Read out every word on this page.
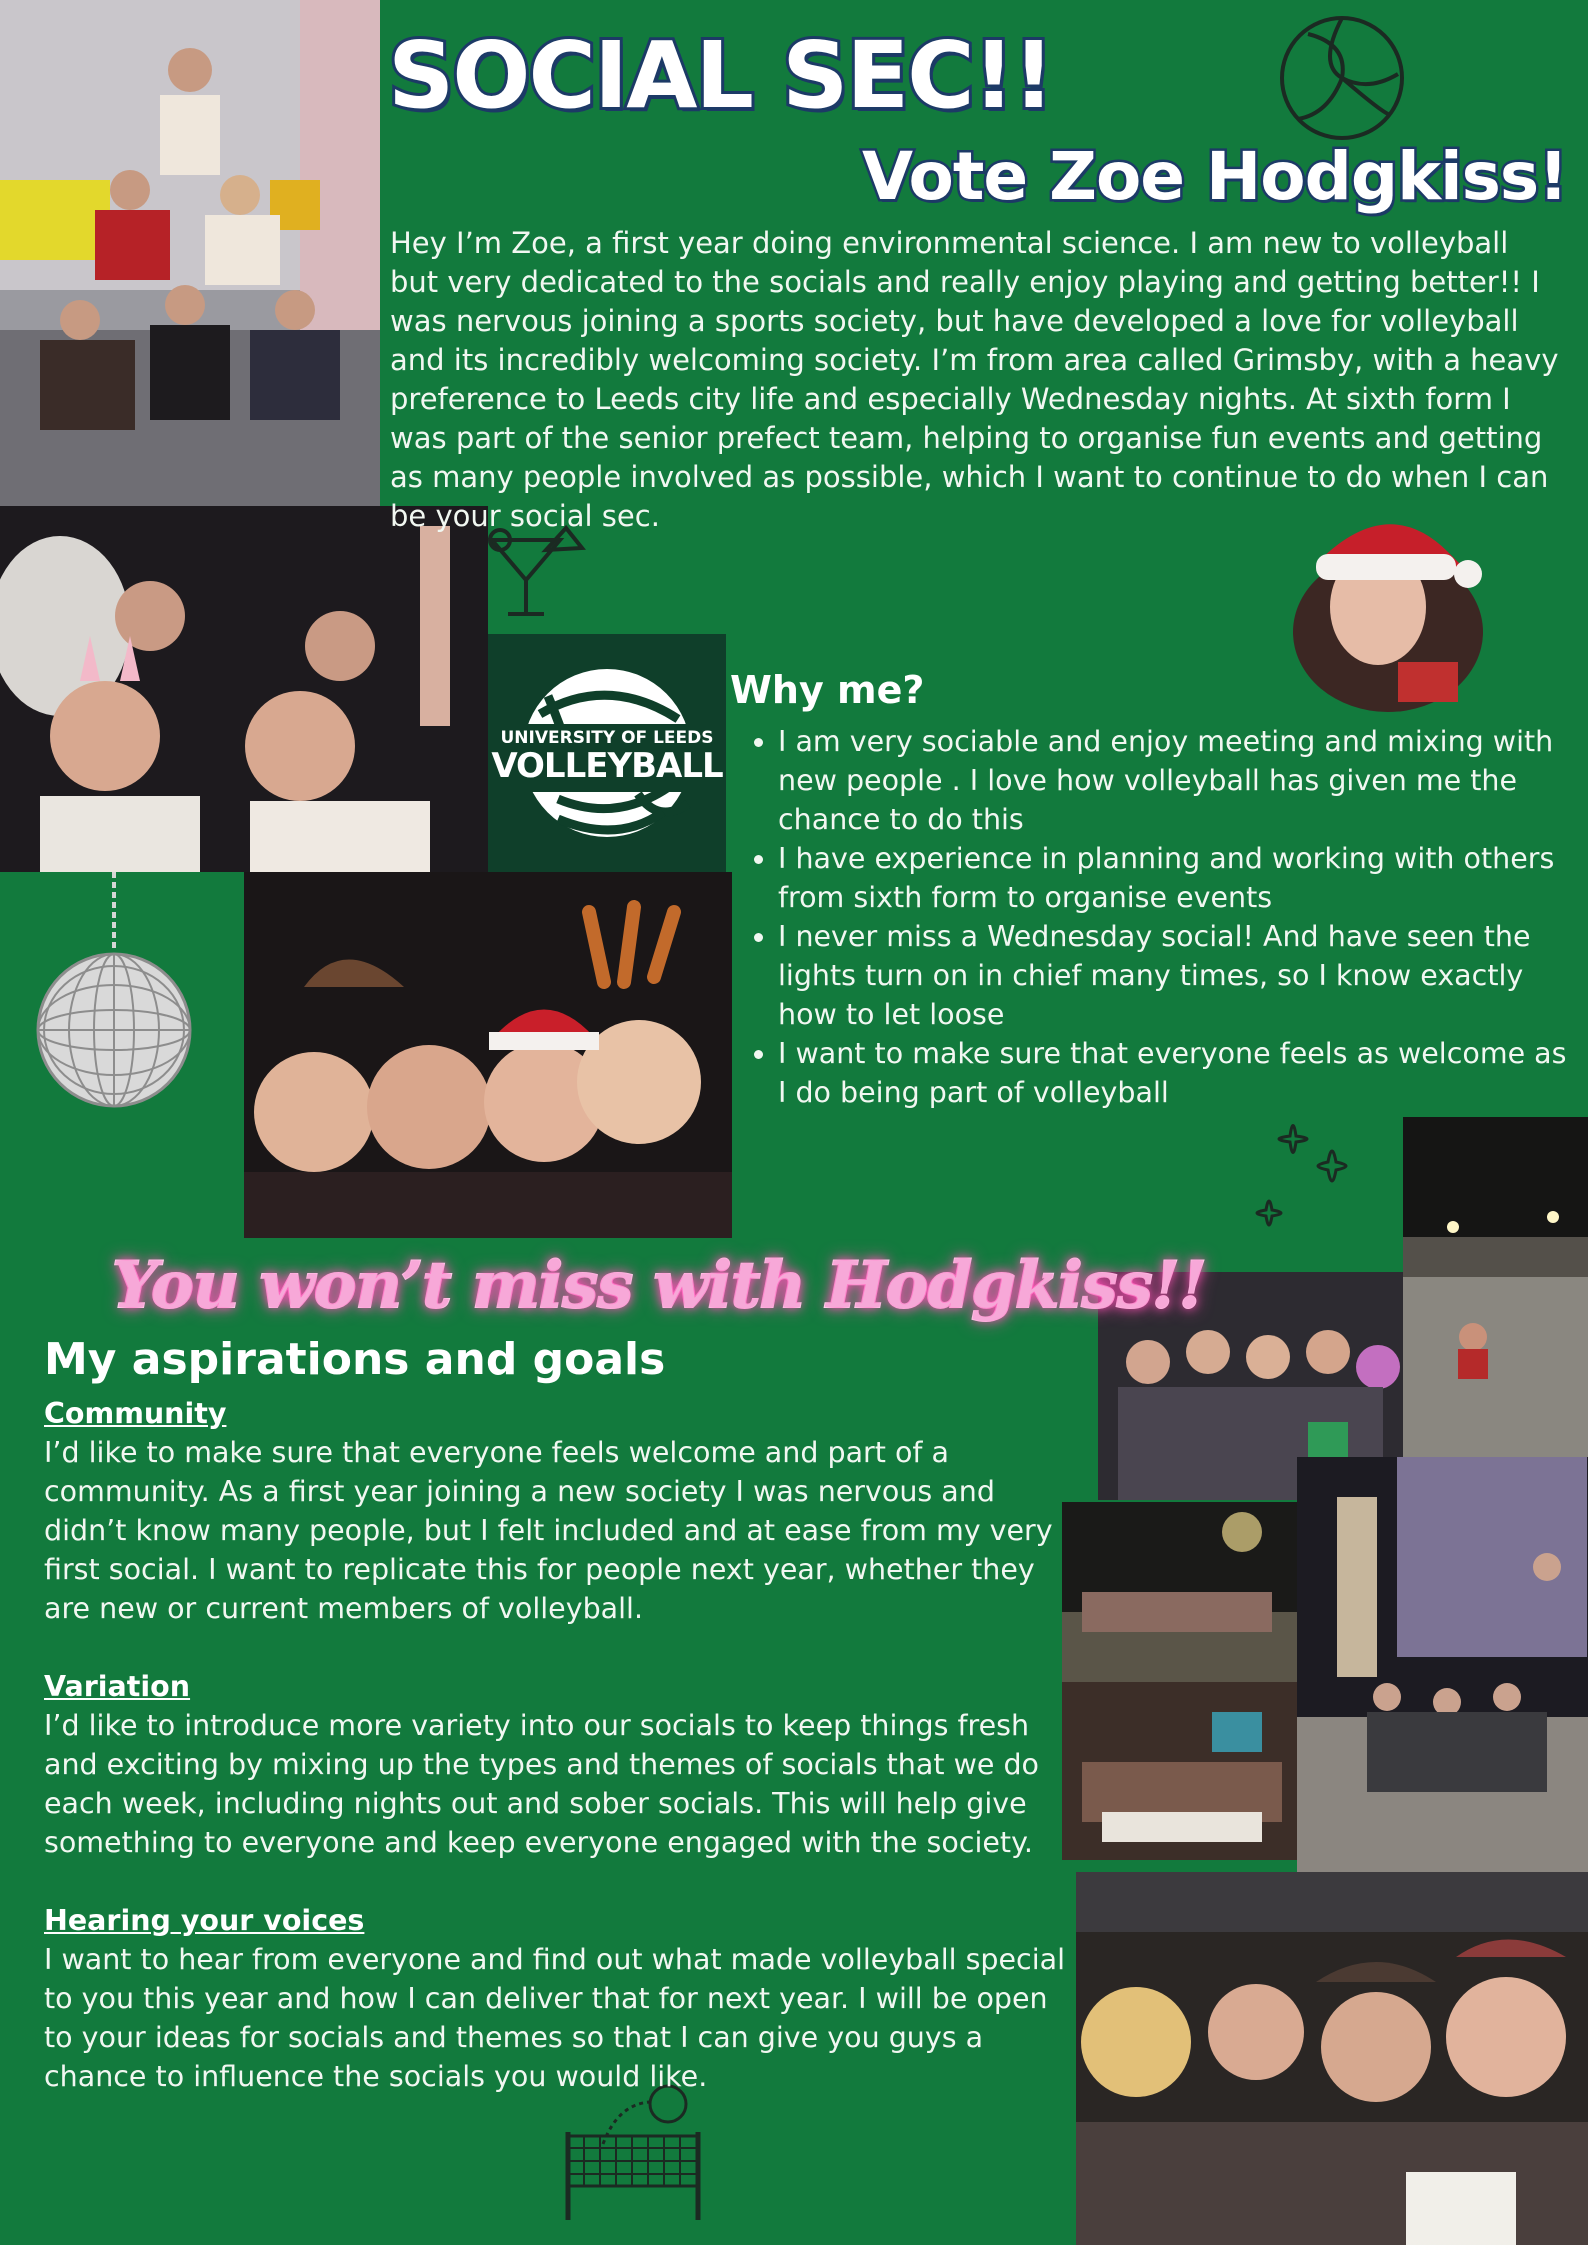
UNIVERSITY OF LEEDS
VOLLEYBALL
SOCIAL SEC!!
Vote Zoe Hodgkiss!
Hey I’m Zoe, a first year doing environmental science. I am new to volleyball but very dedicated to the socials and really enjoy playing and getting better!! I was nervous joining a sports society, but have developed a love for volleyball and its incredibly welcoming society. I’m from area called Grimsby, with a heavy preference to Leeds city life and especially Wednesday nights. At sixth form I was part of the senior prefect team, helping to organise fun events and getting as many people involved as possible, which I want to continue to do when I can be your social sec.
Why me?
• I am very sociable and enjoy meeting and mixing with new people . I love how volleyball has given me the chance to do this
• I have experience in planning and working with others from sixth form to organise events
• I never miss a Wednesday social! And have seen the lights turn on in chief many times, so I know exactly how to let loose
• I want to make sure that everyone feels as welcome as I do being part of volleyball
You won’t miss with Hodgkiss!!
My aspirations and goals
Community
I’d like to make sure that everyone feels welcome and part of a community. As a first year joining a new society I was nervous and didn’t know many people, but I felt included and at ease from my very first social. I want to replicate this for people next year, whether they are new or current members of volleyball.
Variation
I’d like to introduce more variety into our socials to keep things fresh and exciting by mixing up the types and themes of socials that we do each week, including nights out and sober socials. This will help give something to everyone and keep everyone engaged with the society.
Hearing your voices
I want to hear from everyone and find out what made volleyball special to you this year and how I can deliver that for next year. I will be open to your ideas for socials and themes so that I can give you guys a chance to influence the socials you would like.
